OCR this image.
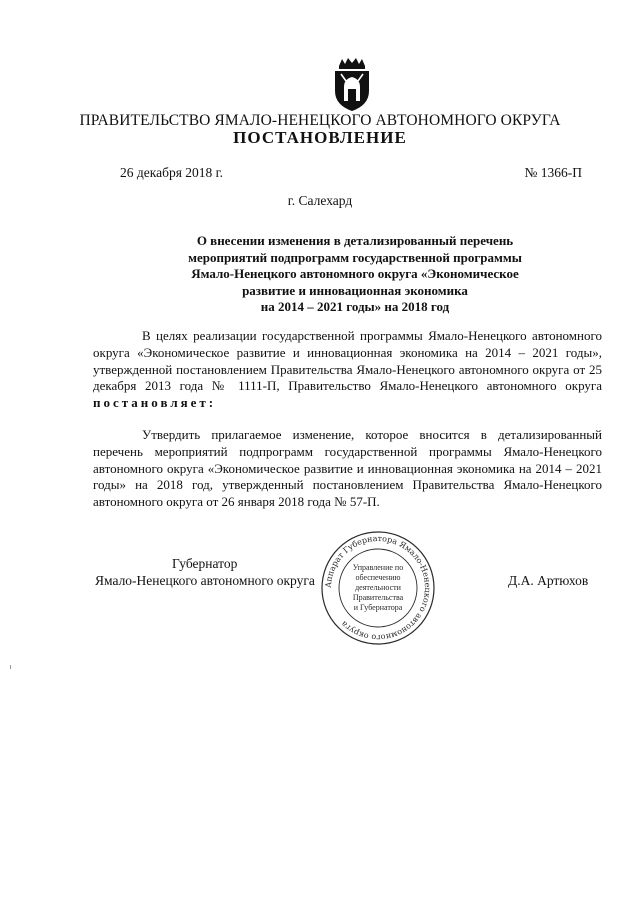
ПРАВИТЕЛЬСТВО ЯМАЛО-НЕНЕЦКОГО АВТОНОМНОГО ОКРУГА
ПОСТАНОВЛЕНИЕ
26 декабря 2018 г.	№ 1366-П
г. Салехард
О внесении изменения в детализированный перечень
мероприятий подпрограмм государственной программы
Ямало-Ненецкого автономного округа «Экономическое
развитие и инновационная экономика
на 2014 – 2021 годы» на 2018 год
В целях реализации государственной программы Ямало-Ненецкого автономного округа «Экономическое развитие и инновационная экономика на 2014 – 2021 годы», утвержденной постановлением Правительства Ямало-Ненецкого автономного округа от 25 декабря 2013 года № 1111-П, Правительство Ямало-Ненецкого автономного округа постановляет:
Утвердить прилагаемое изменение, которое вносится в детализированный перечень мероприятий подпрограмм государственной программы Ямало-Ненецкого автономного округа «Экономическое развитие и инновационная экономика на 2014 – 2021 годы» на 2018 год, утвержденный постановлением Правительства Ямало-Ненецкого автономного округа от 26 января 2018 года № 57-П.
Губернатор
Ямало-Ненецкого автономного округа	Д.А. Артюхов
Аппарат Губернатора Ямало-Ненецкого автономного округа
Управление по
обеспечению
деятельности
Правительства
и Губернатора
